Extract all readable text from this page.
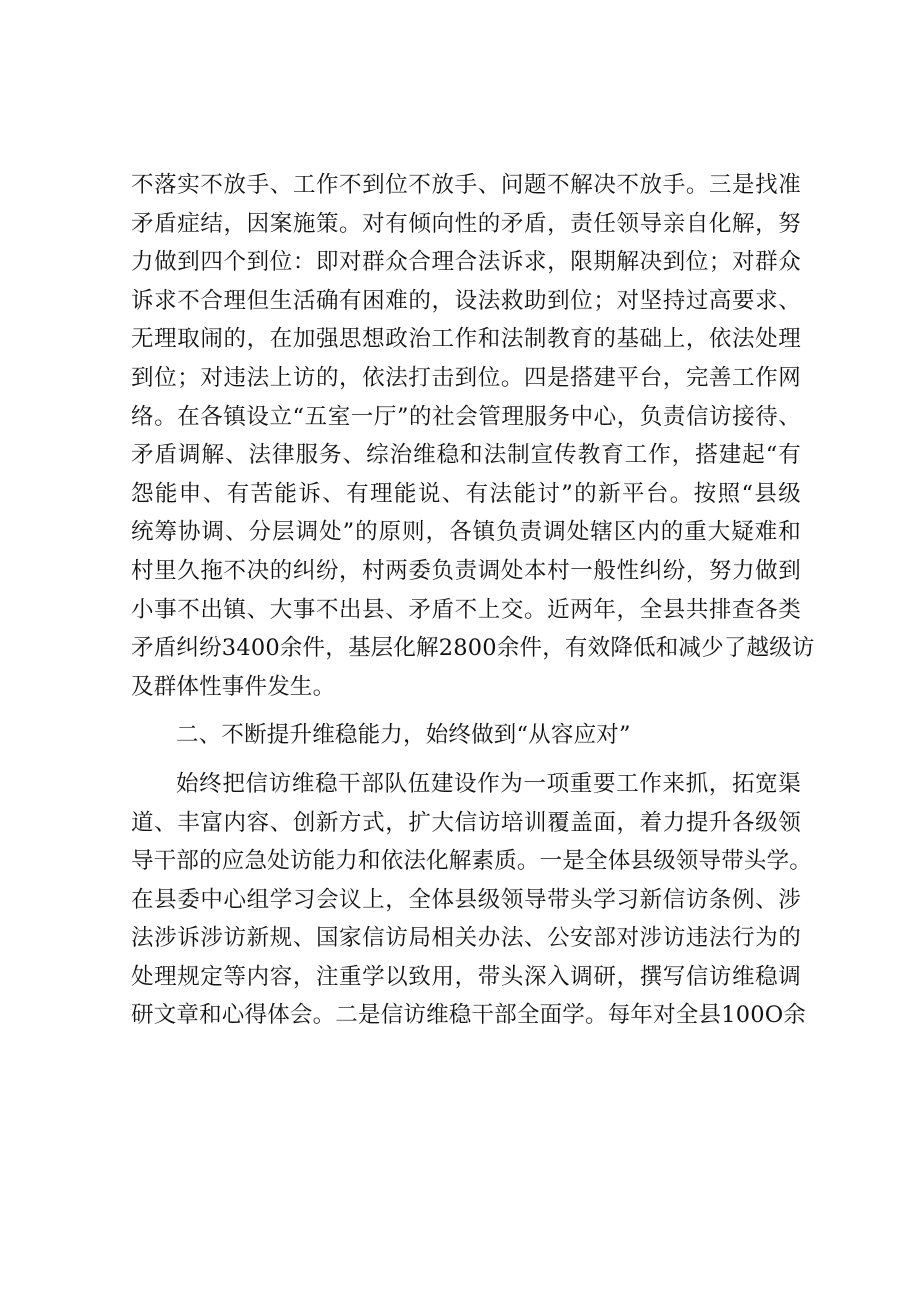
不落实不放手、工作不到位不放手、问题不解决不放手。三是找准
矛盾症结，因案施策。对有倾向性的矛盾，责任领导亲自化解，努
力做到四个到位：即对群众合理合法诉求，限期解决到位；对群众
诉求不合理但生活确有困难的，设法救助到位；对坚持过高要求、
无理取闹的，在加强思想政治工作和法制教育的基础上，依法处理
到位；对违法上访的，依法打击到位。四是搭建平台，完善工作网
络。在各镇设立“五室一厅”的社会管理服务中心，负责信访接待、
矛盾调解、法律服务、综治维稳和法制宣传教育工作，搭建起“有
怨能申、有苦能诉、有理能说、有法能讨”的新平台。按照“县级
统筹协调、分层调处”的原则，各镇负责调处辖区内的重大疑难和
村里久拖不决的纠纷，村两委负责调处本村一般性纠纷，努力做到
小事不出镇、大事不出县、矛盾不上交。近两年，全县共排查各类
矛盾纠纷3400余件，基层化解2800余件，有效降低和减少了越级访
及群体性事件发生。
二、不断提升维稳能力，始终做到“从容应对”
始终把信访维稳干部队伍建设作为一项重要工作来抓，拓宽渠
道、丰富内容、创新方式，扩大信访培训覆盖面，着力提升各级领
导干部的应急处访能力和依法化解素质。一是全体县级领导带头学。
在县委中心组学习会议上，全体县级领导带头学习新信访条例、涉
法涉诉涉访新规、国家信访局相关办法、公安部对涉访违法行为的
处理规定等内容，注重学以致用，带头深入调研，撰写信访维稳调
研文章和心得体会。二是信访维稳干部全面学。每年对全县100O余
